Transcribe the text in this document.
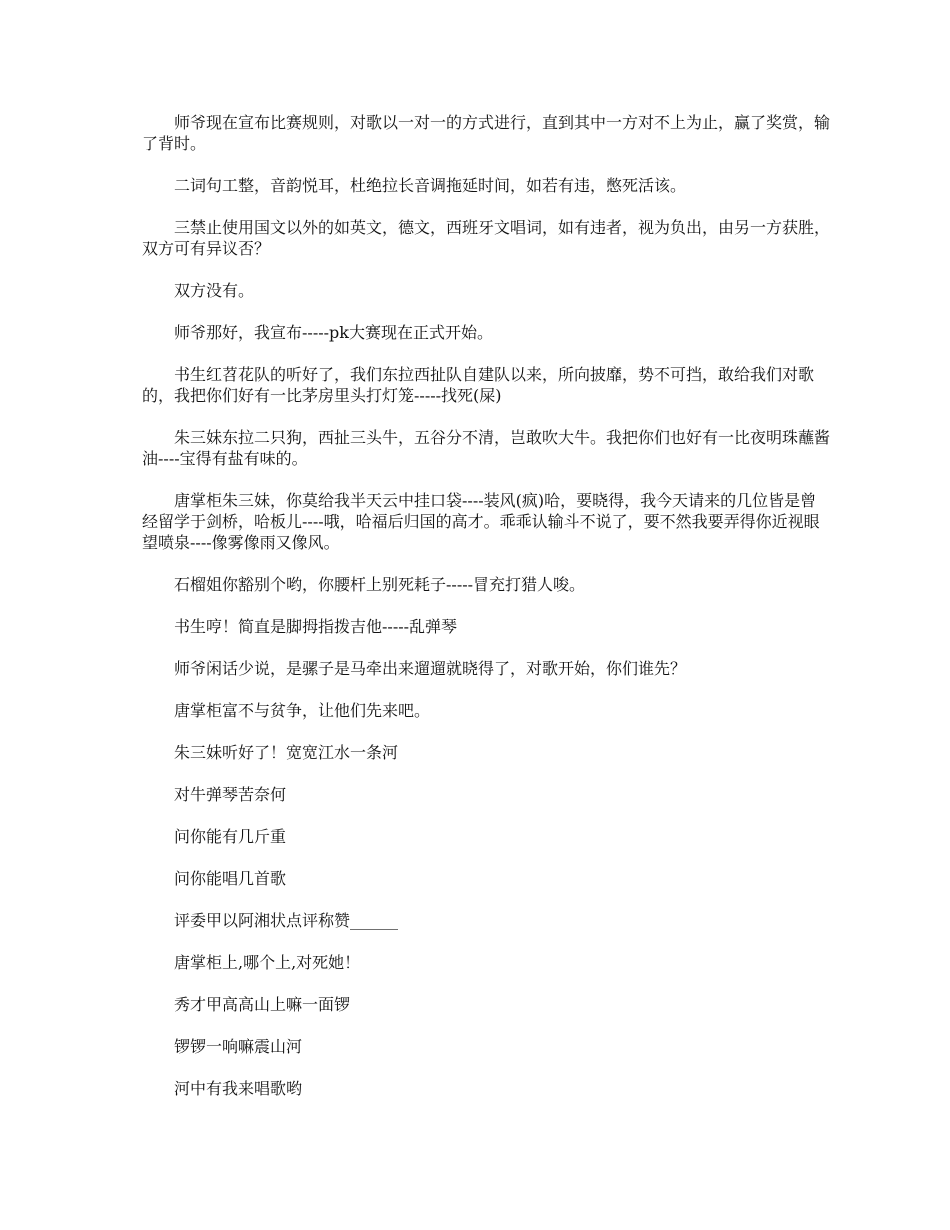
师爷现在宣布比赛规则，对歌以一对一的方式进行，直到其中一方对不上为止，赢了奖赏，输了背时。

二词句工整，音韵悦耳，杜绝拉长音调拖延时间，如若有违，憋死活该。

三禁止使用国文以外的如英文，德文，西班牙文唱词，如有违者，视为负出，由另一方获胜，双方可有异议否？

双方没有。

师爷那好，我宣布-----pk大赛现在正式开始。

书生红苕花队的听好了，我们东拉西扯队自建队以来，所向披靡，势不可挡，敢给我们对歌的，我把你们好有一比茅房里头打灯笼-----找死(屎)

朱三妹东拉二只狗，西扯三头牛，五谷分不清，岂敢吹大牛。我把你们也好有一比夜明珠蘸酱油----宝得有盐有味的。

唐掌柜朱三妹，你莫给我半天云中挂口袋----装风(疯)哈，要晓得，我今天请来的几位皆是曾经留学于剑桥，哈板儿----哦，哈福后归国的高才。乖乖认输斗不说了，要不然我要弄得你近视眼望喷泉----像雾像雨又像风。

石榴姐你豁别个哟，你腰杆上别死耗子-----冒充打猎人唆。

书生哼！简直是脚拇指拨吉他-----乱弹琴

师爷闲话少说，是骡子是马牵出来遛遛就晓得了，对歌开始，你们谁先？

唐掌柜富不与贫争，让他们先来吧。

朱三妹听好了！宽宽江水一条河

对牛弹琴苦奈何

问你能有几斤重

问你能唱几首歌

评委甲以阿湘状点评称赞______

唐掌柜上,哪个上,对死她！

秀才甲高高山上嘛一面锣

锣锣一响嘛震山河

河中有我来唱歌哟
